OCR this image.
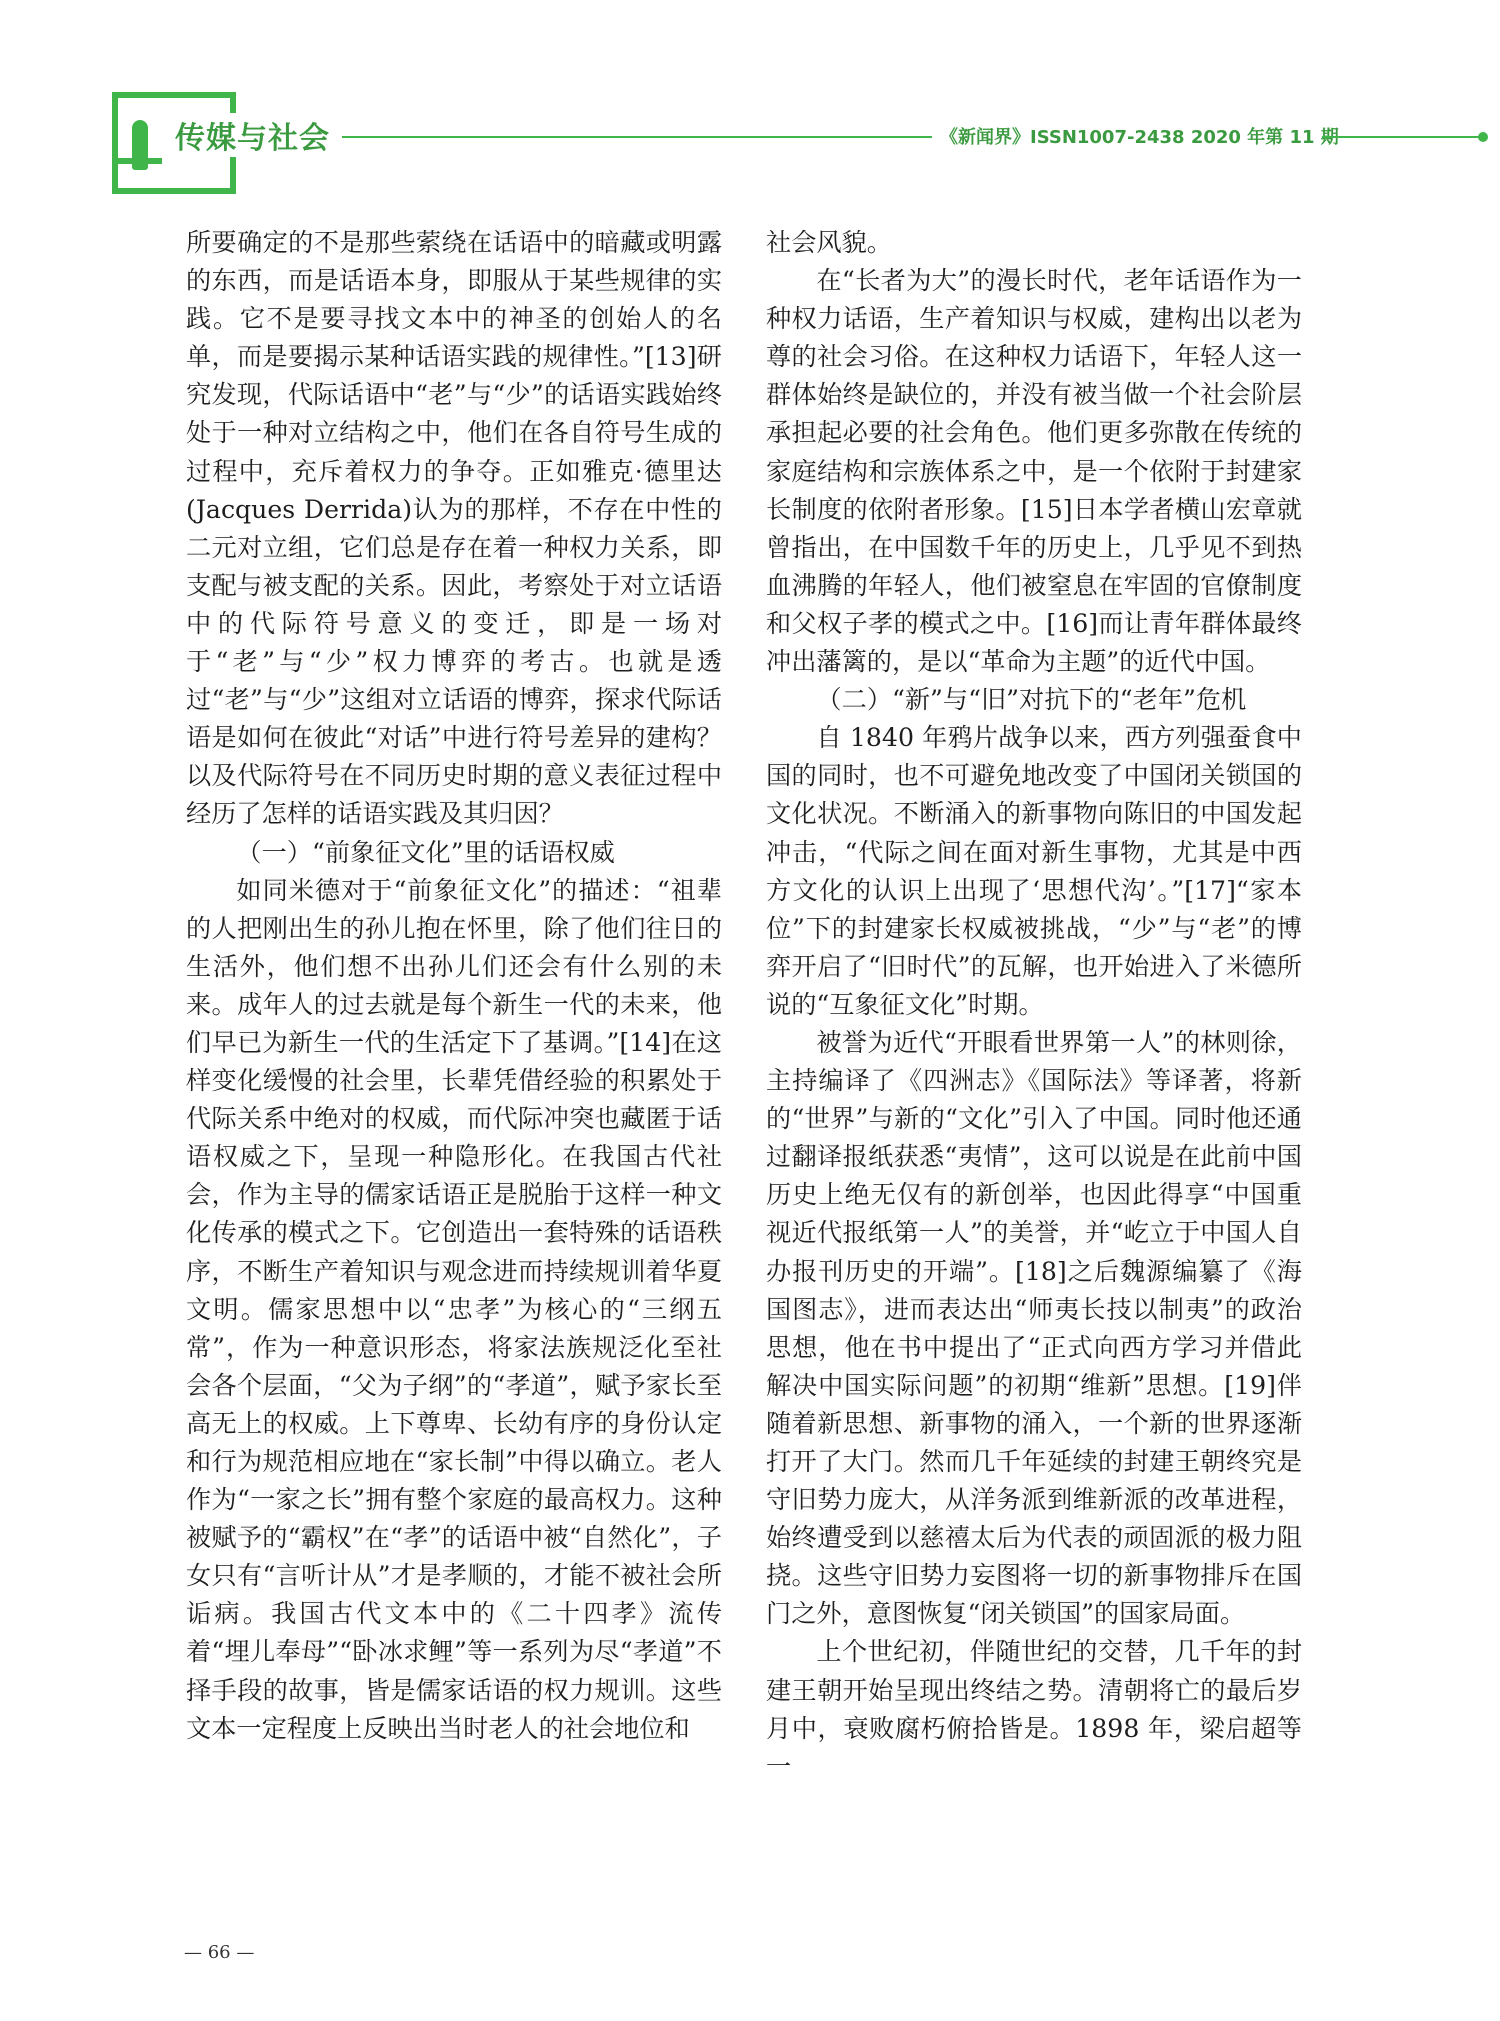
传媒与社会	《新闻界》ISSN1007-2438 2020 年第 11 期

所要确定的不是那些萦绕在话语中的暗藏或明露的东西，而是话语本身，即服从于某些规律的实践。它不是要寻找文本中的神圣的创始人的名单，而是要揭示某种话语实践的规律性。”[13]研究发现，代际话语中“老”与“少”的话语实践始终处于一种对立结构之中，他们在各自符号生成的过程中，充斥着权力的争夺。正如雅克·德里达(Jacques Derrida)认为的那样，不存在中性的二元对立组，它们总是存在着一种权力关系，即支配与被支配的关系。因此，考察处于对立话语中的代际符号意义的变迁，即是一场对于“老”与“少”权力博弈的考古。也就是透过“老”与“少”这组对立话语的博弈，探求代际话语是如何在彼此“对话”中进行符号差异的建构？以及代际符号在不同历史时期的意义表征过程中经历了怎样的话语实践及其归因？

（一）“前象征文化”里的话语权威

如同米德对于“前象征文化”的描述：“祖辈的人把刚出生的孙儿抱在怀里，除了他们往日的生活外，他们想不出孙儿们还会有什么别的未来。成年人的过去就是每个新生一代的未来，他们早已为新生一代的生活定下了基调。”[14]在这样变化缓慢的社会里，长辈凭借经验的积累处于代际关系中绝对的权威，而代际冲突也藏匿于话语权威之下，呈现一种隐形化。在我国古代社会，作为主导的儒家话语正是脱胎于这样一种文化传承的模式之下。它创造出一套特殊的话语秩序，不断生产着知识与观念进而持续规训着华夏文明。儒家思想中以“忠孝”为核心的“三纲五常”，作为一种意识形态，将家法族规泛化至社会各个层面，“父为子纲”的“孝道”，赋予家长至高无上的权威。上下尊卑、长幼有序的身份认定和行为规范相应地在“家长制”中得以确立。老人作为“一家之长”拥有整个家庭的最高权力。这种被赋予的“霸权”在“孝”的话语中被“自然化”，子女只有“言听计从”才是孝顺的，才能不被社会所诟病。我国古代文本中的《二十四孝》流传着“埋儿奉母”“卧冰求鲤”等一系列为尽“孝道”不择手段的故事，皆是儒家话语的权力规训。这些文本一定程度上反映出当时老人的社会地位和

社会风貌。

在“长者为大”的漫长时代，老年话语作为一种权力话语，生产着知识与权威，建构出以老为尊的社会习俗。在这种权力话语下，年轻人这一群体始终是缺位的，并没有被当做一个社会阶层承担起必要的社会角色。他们更多弥散在传统的家庭结构和宗族体系之中，是一个依附于封建家长制度的依附者形象。[15]日本学者横山宏章就曾指出，在中国数千年的历史上，几乎见不到热血沸腾的年轻人，他们被窒息在牢固的官僚制度和父权子孝的模式之中。[16]而让青年群体最终冲出藩篱的，是以“革命为主题”的近代中国。

（二）“新”与“旧”对抗下的“老年”危机

自 1840 年鸦片战争以来，西方列强蚕食中国的同时，也不可避免地改变了中国闭关锁国的文化状况。不断涌入的新事物向陈旧的中国发起冲击，“代际之间在面对新生事物，尤其是中西方文化的认识上出现了‘思想代沟’。”[17]“家本位”下的封建家长权威被挑战，“少”与“老”的博弈开启了“旧时代”的瓦解，也开始进入了米德所说的“互象征文化”时期。

被誉为近代“开眼看世界第一人”的林则徐，主持编译了《四洲志》《国际法》等译著，将新的“世界”与新的“文化”引入了中国。同时他还通过翻译报纸获悉“夷情”，这可以说是在此前中国历史上绝无仅有的新创举，也因此得享“中国重视近代报纸第一人”的美誉，并“屹立于中国人自办报刊历史的开端”。[18]之后魏源编纂了《海国图志》，进而表达出“师夷长技以制夷”的政治思想，他在书中提出了“正式向西方学习并借此解决中国实际问题”的初期“维新”思想。[19]伴随着新思想、新事物的涌入，一个新的世界逐渐打开了大门。然而几千年延续的封建王朝终究是守旧势力庞大，从洋务派到维新派的改革进程，始终遭受到以慈禧太后为代表的顽固派的极力阻挠。这些守旧势力妄图将一切的新事物排斥在国门之外，意图恢复“闭关锁国”的国家局面。

上个世纪初，伴随世纪的交替，几千年的封建王朝开始呈现出终结之势。清朝将亡的最后岁月中，衰败腐朽俯拾皆是。1898 年，梁启超等一

— 66 —
